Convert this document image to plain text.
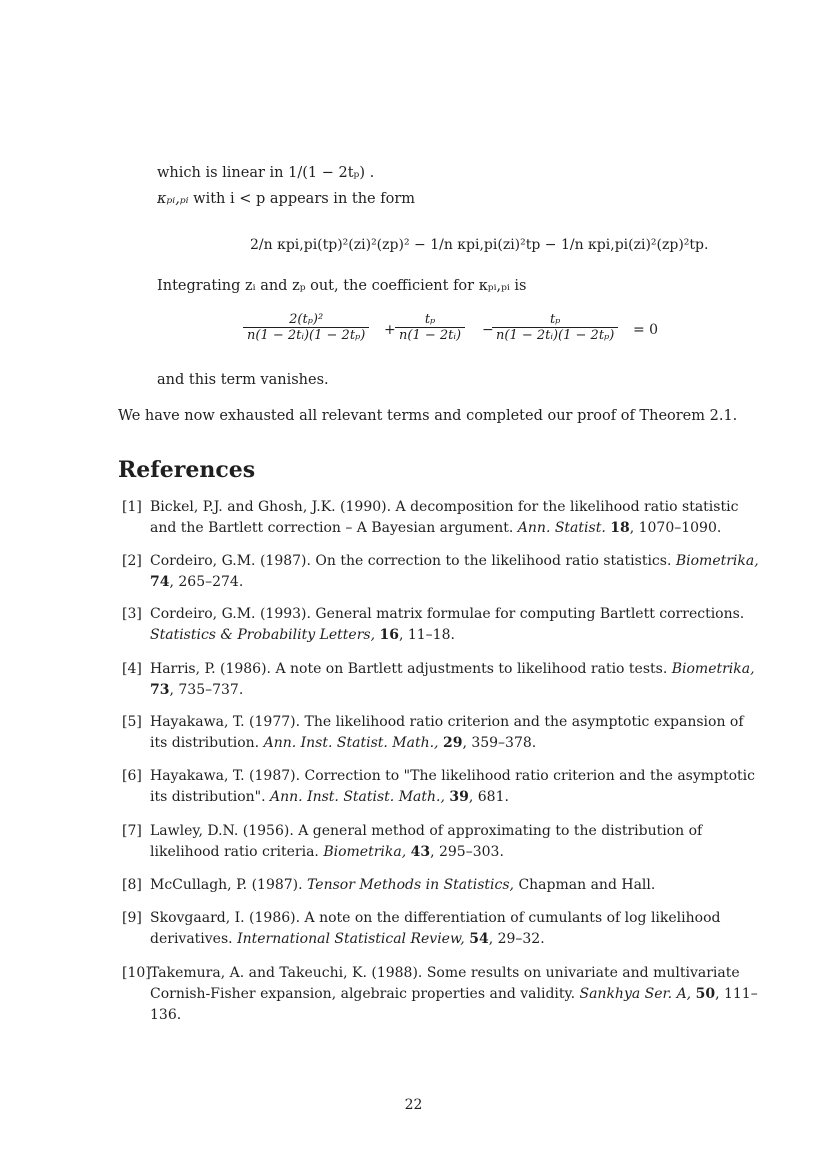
which is linear in 1/(1 − 2tₚ) .
κₚᵢ,ₚᵢ with i < p appears in the form
2/n κpi,pi(tp)²(zi)²(zp)² − 1/n κpi,pi(zi)²tp − 1/n κpi,pi(zi)²(zp)²tp.
Integrating zᵢ and zₚ out, the coefficient for κₚᵢ,ₚᵢ is
$\frac{\text{2(tₚ)²}}{\text{n(1 − 2tᵢ)(1 − 2tₚ)}} + \frac{\text{tₚ}}{\text{n(1 − 2tᵢ)}}$ −
$\frac{\text{tₚ}}{\text{n(1 − 2tᵢ)(1 − 2tₚ)}} = 0$
and this term vanishes.
We have now exhausted all relevant terms and completed our proof of Theorem 2.1.
References
[1] Bickel, P.J. and Ghosh, J.K. (1990). A decomposition for the likelihood ratio statistic and the Bartlett correction – A Bayesian argument. Ann. Statist. 18, 1070–1090.
[2] Cordeiro, G.M. (1987). On the correction to the likelihood ratio statistics. Biometrika, 74, 265–274.
[3] Cordeiro, G.M. (1993). General matrix formulae for computing Bartlett corrections. Statistics & Probability Letters, 16, 11–18.
[4] Harris, P. (1986). A note on Bartlett adjustments to likelihood ratio tests. Biometrika, 73, 735–737.
[5] Hayakawa, T. (1977). The likelihood ratio criterion and the asymptotic expansion of its distribution. Ann. Inst. Statist. Math., 29, 359–378.
[6] Hayakawa, T. (1987). Correction to "The likelihood ratio criterion and the asymptotic its distribution". Ann. Inst. Statist. Math., 39, 681.
[7] Lawley, D.N. (1956). A general method of approximating to the distribution of likelihood ratio criteria. Biometrika, 43, 295–303.
[8] McCullagh, P. (1987). Tensor Methods in Statistics, Chapman and Hall.
[9] Skovgaard, I. (1986). A note on the differentiation of cumulants of log likelihood derivatives. International Statistical Review, 54, 29–32.
[10] Takemura, A. and Takeuchi, K. (1988). Some results on univariate and multivariate Cornish-Fisher expansion, algebraic properties and validity. Sankhya Ser. A, 50, 111–136.
22
